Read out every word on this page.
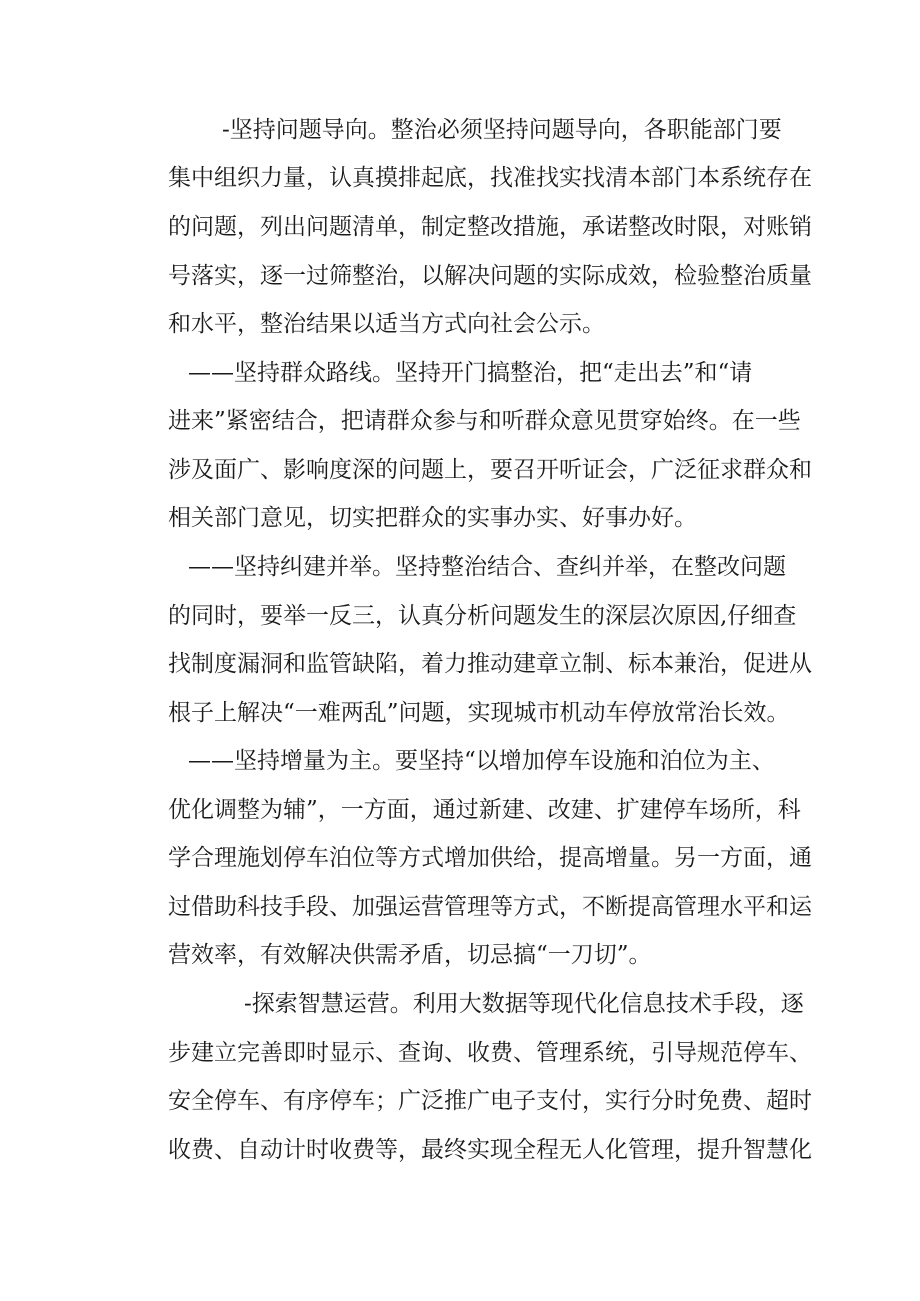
-坚持问题导向。整治必须坚持问题导向，各职能部门要
集中组织力量，认真摸排起底，找准找实找清本部门本系统存在
的问题，列出问题清单，制定整改措施，承诺整改时限，对账销
号落实，逐一过筛整治，以解决问题的实际成效，检验整治质量
和水平，整治结果以适当方式向社会公示。
——坚持群众路线。坚持开门搞整治，把“走出去”和“请
进来”紧密结合，把请群众参与和听群众意见贯穿始终。在一些
涉及面广、影响度深的问题上，要召开听证会，广泛征求群众和
相关部门意见，切实把群众的实事办实、好事办好。
——坚持纠建并举。坚持整治结合、查纠并举，在整改问题
的同时，要举一反三，认真分析问题发生的深层次原因,仔细查
找制度漏洞和监管缺陷，着力推动建章立制、标本兼治，促进从
根子上解决“一难两乱”问题，实现城市机动车停放常治长效。
——坚持增量为主。要坚持“以增加停车设施和泊位为主、
优化调整为辅”，一方面，通过新建、改建、扩建停车场所，科
学合理施划停车泊位等方式增加供给，提高增量。另一方面，通
过借助科技手段、加强运营管理等方式，不断提高管理水平和运
营效率，有效解决供需矛盾，切忌搞“一刀切”。
-探索智慧运营。利用大数据等现代化信息技术手段，逐
步建立完善即时显示、查询、收费、管理系统，引导规范停车、
安全停车、有序停车；广泛推广电子支付，实行分时免费、超时
收费、自动计时收费等，最终实现全程无人化管理，提升智慧化
